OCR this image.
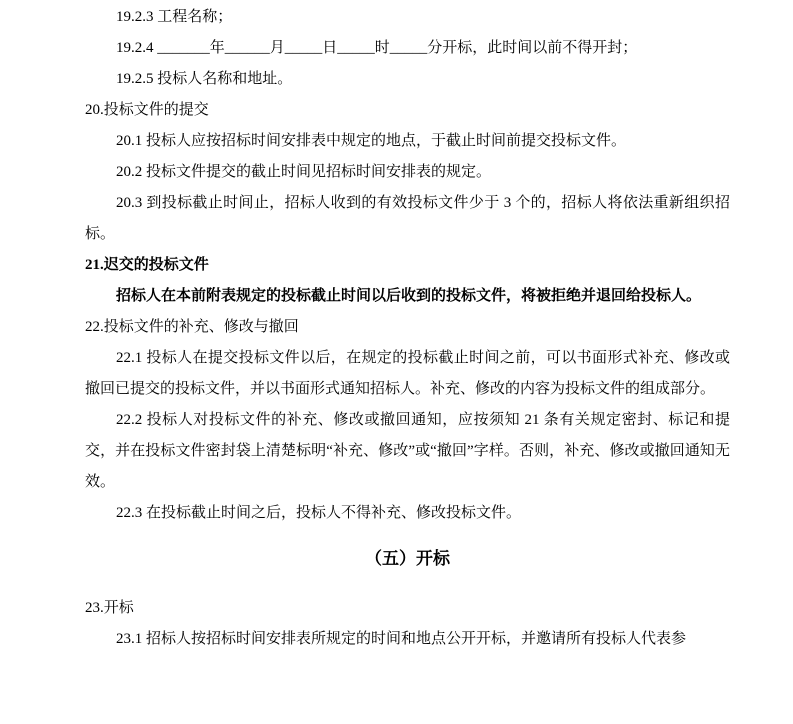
19.2.3 工程名称；

19.2.4 _______年______月_____日_____时_____分开标，此时间以前不得开封；

19.2.5 投标人名称和地址。

20.投标文件的提交

20.1 投标人应按招标时间安排表中规定的地点，于截止时间前提交投标文件。

20.2 投标文件提交的截止时间见招标时间安排表的规定。

20.3 到投标截止时间止，招标人收到的有效投标文件少于 3 个的，招标人将依法重新组织招标。

21.迟交的投标文件

招标人在本前附表规定的投标截止时间以后收到的投标文件，将被拒绝并退回给投标人。

22.投标文件的补充、修改与撤回

22.1 投标人在提交投标文件以后，在规定的投标截止时间之前，可以书面形式补充、修改或撤回已提交的投标文件，并以书面形式通知招标人。补充、修改的内容为投标文件的组成部分。

22.2 投标人对投标文件的补充、修改或撤回通知，应按须知 21 条有关规定密封、标记和提交，并在投标文件密封袋上清楚标明“补充、修改”或“撤回”字样。否则，补充、修改或撤回通知无效。

22.3 在投标截止时间之后，投标人不得补充、修改投标文件。

（五）开标

23.开标

23.1 招标人按招标时间安排表所规定的时间和地点公开开标，并邀请所有投标人代表参
